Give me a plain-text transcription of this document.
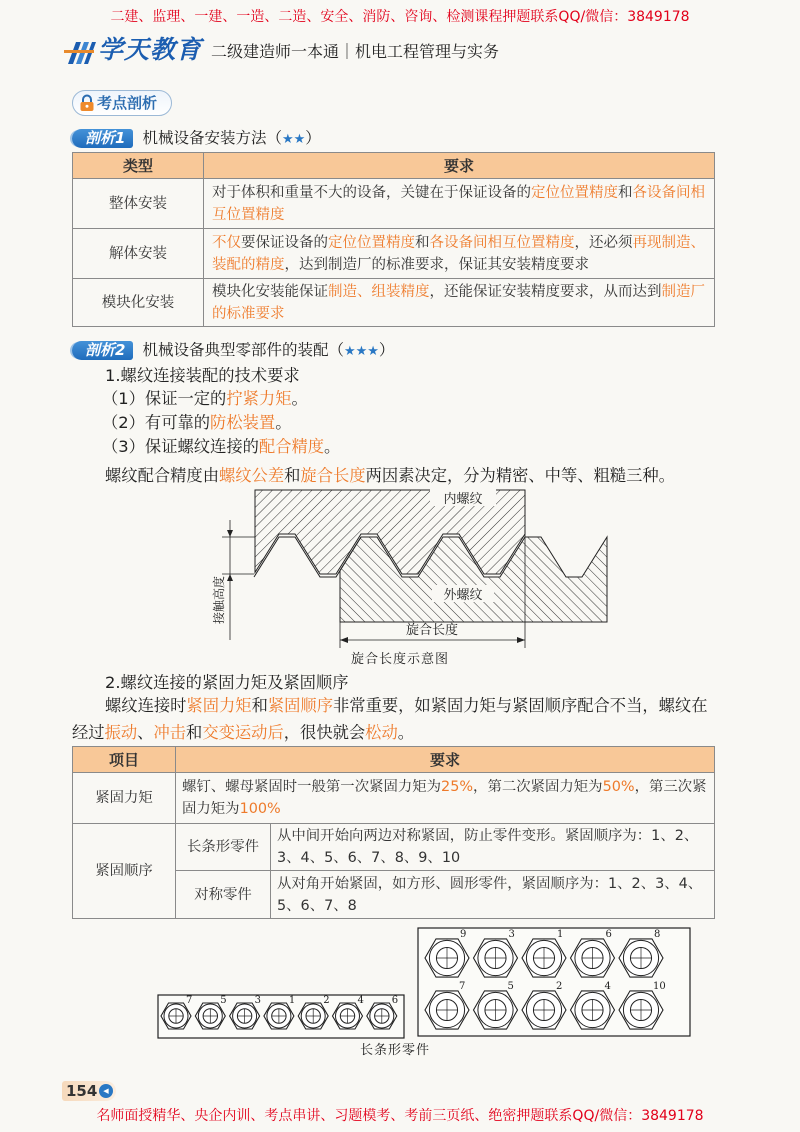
二建、监理、一建、一造、二造、安全、消防、咨询、检测课程押题联系QQ/微信：3849178
学天教育 二级建造师一本通｜机电工程管理与实务
考点剖析
剖析1 机械设备安装方法（★★）
类型	要求
整体安装	对于体积和重量不大的设备，关键在于保证设备的定位位置精度和各设备间相互位置精度
解体安装	不仅要保证设备的定位位置精度和各设备间相互位置精度，还必须再现制造、装配的精度，达到制造厂的标准要求，保证其安装精度要求
模块化安装	模块化安装能保证制造、组装精度，还能保证安装精度要求，从而达到制造厂的标准要求
剖析2 机械设备典型零部件的装配（★★★）
1.螺纹连接装配的技术要求
（1）保证一定的拧紧力矩。
（2）有可靠的防松装置。
（3）保证螺纹连接的配合精度。
螺纹配合精度由螺纹公差和旋合长度两因素决定，分为精密、中等、粗糙三种。
内螺纹
外螺纹
旋合长度
接触高度
旋合长度示意图
2.螺纹连接的紧固力矩及紧固顺序
螺纹连接时紧固力矩和紧固顺序非常重要，如紧固力矩与紧固顺序配合不当，螺纹在经过振动、冲击和交变运动后，很快就会松动。
项目	要求	
紧固力矩	螺钉、螺母紧固时一般第一次紧固力矩为25%，第二次紧固力矩为50%，第三次紧固力矩为100%	
紧固顺序	长条形零件	从中间开始向两边对称紧固，防止零件变形。紧固顺序为：1、2、3、4、5、6、7、8、9、10
	对称零件	从对角开始紧固，如方形、圆形零件，紧固顺序为：1、2、3、4、5、6、7、8
7	5	3	1	2	4	6
9	3	1	6	8
7	5	2	4	10
长条形零件
154 ◀
名师面授精华、央企内训、考点串讲、习题模考、考前三页纸、绝密押题联系QQ/微信：3849178
